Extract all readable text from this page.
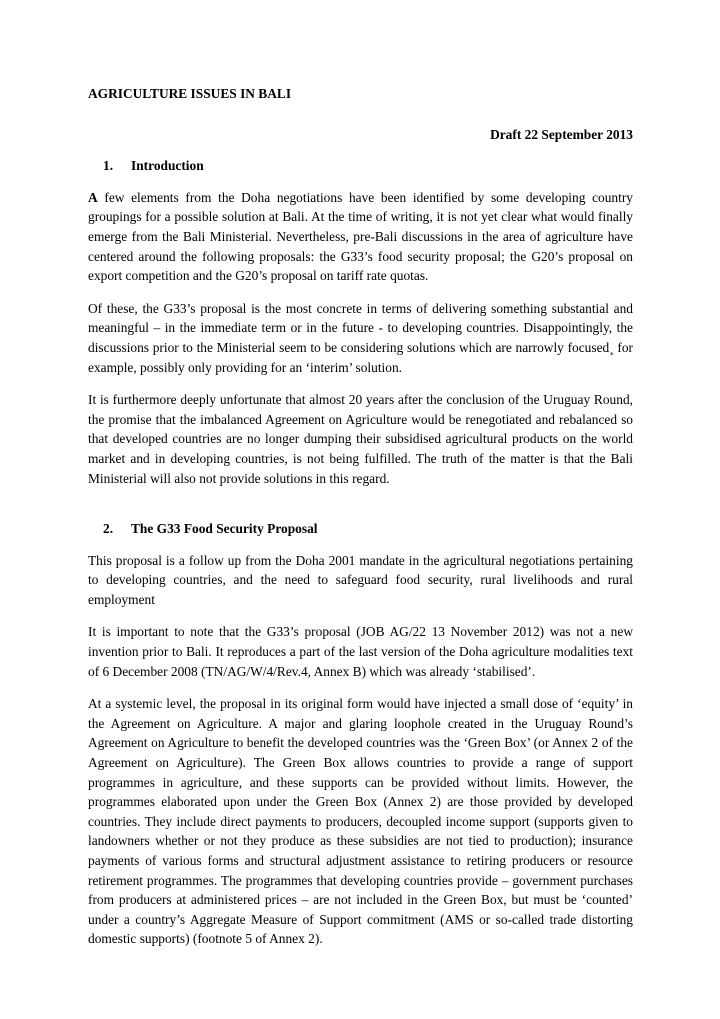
AGRICULTURE ISSUES IN BALI

Draft 22 September 2013

1. Introduction

A few elements from the Doha negotiations have been identified by some developing country groupings for a possible solution at Bali. At the time of writing, it is not yet clear what would finally emerge from the Bali Ministerial. Nevertheless, pre-Bali discussions in the area of agriculture have centered around the following proposals: the G33’s food security proposal; the G20’s proposal on export competition and the G20’s proposal on tariff rate quotas.

Of these, the G33’s proposal is the most concrete in terms of delivering something substantial and meaningful – in the immediate term or in the future - to developing countries. Disappointingly, the discussions prior to the Ministerial seem to be considering solutions which are narrowly focused¸ for example, possibly only providing for an ‘interim’ solution.

It is furthermore deeply unfortunate that almost 20 years after the conclusion of the Uruguay Round, the promise that the imbalanced Agreement on Agriculture would be renegotiated and rebalanced so that developed countries are no longer dumping their subsidised agricultural products on the world market and in developing countries, is not being fulfilled. The truth of the matter is that the Bali Ministerial will also not provide solutions in this regard.

2. The G33 Food Security Proposal

This proposal is a follow up from the Doha 2001 mandate in the agricultural negotiations pertaining to developing countries, and the need to safeguard food security, rural livelihoods and rural employment

It is important to note that the G33’s proposal (JOB AG/22 13 November 2012) was not a new invention prior to Bali. It reproduces a part of the last version of the Doha agriculture modalities text of 6 December 2008 (TN/AG/W/4/Rev.4, Annex B) which was already ‘stabilised’.

At a systemic level, the proposal in its original form would have injected a small dose of ‘equity’ in the Agreement on Agriculture. A major and glaring loophole created in the Uruguay Round’s Agreement on Agriculture to benefit the developed countries was the ‘Green Box’ (or Annex 2 of the Agreement on Agriculture). The Green Box allows countries to provide a range of support programmes in agriculture, and these supports can be provided without limits. However, the programmes elaborated upon under the Green Box (Annex 2) are those provided by developed countries. They include direct payments to producers, decoupled income support (supports given to landowners whether or not they produce as these subsidies are not tied to production); insurance payments of various forms and structural adjustment assistance to retiring producers or resource retirement programmes. The programmes that developing countries provide – government purchases from producers at administered prices – are not included in the Green Box, but must be ‘counted’ under a country’s Aggregate Measure of Support commitment (AMS or so-called trade distorting domestic supports) (footnote 5 of Annex 2).
